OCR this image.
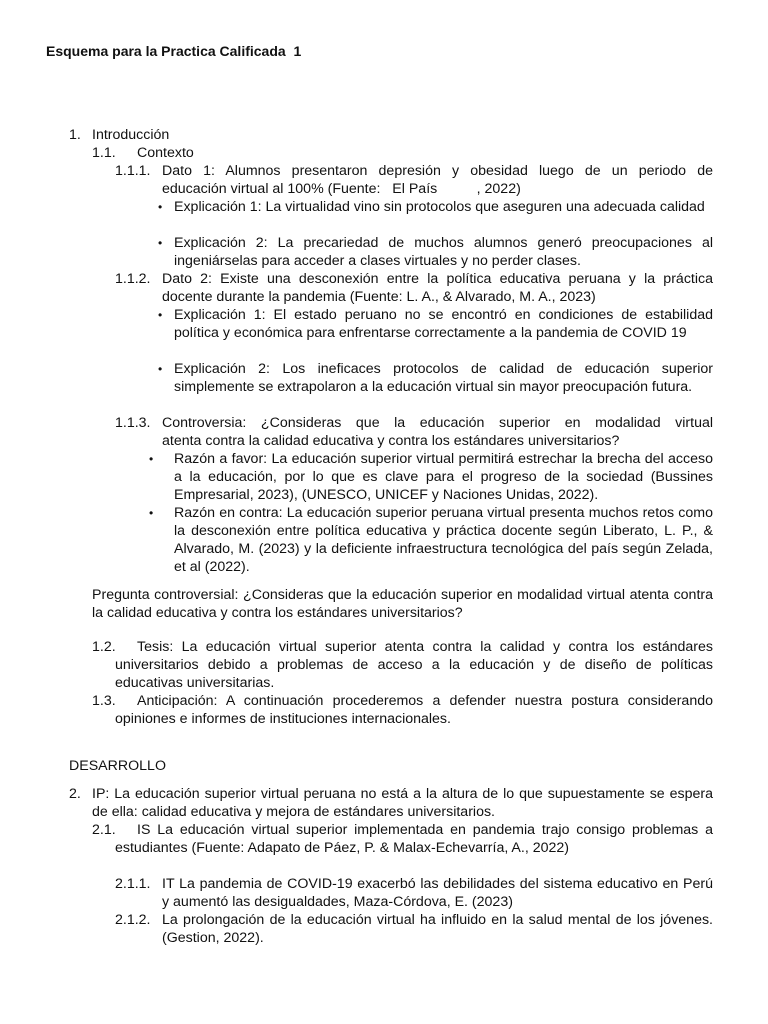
Esquema para la Practica Calificada  1
1. Introducción
1.1. Contexto
1.1.1. Dato 1: Alumnos presentaron depresión y obesidad luego de un periodo de
educación virtual al 100% (Fuente:   El País          , 2022)
• Explicación 1: La virtualidad vino sin protocolos que aseguren una adecuada calidad
• Explicación 2: La precariedad de muchos alumnos generó preocupaciones al ingeniárselas para acceder a clases virtuales y no perder clases.
1.1.2. Dato 2: Existe una desconexión entre la política educativa peruana y la práctica
docente durante la pandemia (Fuente: L. A., & Alvarado, M. A., 2023)
• Explicación 1: El estado peruano no se encontró en condiciones de estabilidad política y económica para enfrentarse correctamente a la pandemia de COVID 19
• Explicación 2: Los ineficaces protocolos de calidad de educación superior simplemente se extrapolaron a la educación virtual sin mayor preocupación futura.
1.1.3. Controversia: ¿Consideras que la educación superior en modalidad virtual
atenta contra la calidad educativa y contra los estándares universitarios?
• Razón a favor: La educación superior virtual permitirá estrechar la brecha del acceso a la educación, por lo que es clave para el progreso de la sociedad (Bussines Empresarial, 2023), (UNESCO, UNICEF y Naciones Unidas, 2022).
• Razón en contra: La educación superior peruana virtual presenta muchos retos como la desconexión entre política educativa y práctica docente según Liberato, L. P., & Alvarado, M. (2023) y la deficiente infraestructura tecnológica del país según Zelada, et al (2022).
Pregunta controversial: ¿Consideras que la educación superior en modalidad virtual atenta contra la calidad educativa y contra los estándares universitarios?
1.2.	Tesis: La educación virtual superior atenta contra la calidad y contra los estándares universitarios debido a problemas de acceso a la educación y de diseño de políticas educativas universitarias.
1.3.	Anticipación: A continuación procederemos a defender nuestra postura considerando opiniones e informes de instituciones internacionales.
DESARROLLO
2. IP: La educación superior virtual peruana no está a la altura de lo que supuestamente se espera de ella: calidad educativa y mejora de estándares universitarios.
2.1.	IS La educación virtual superior implementada en pandemia trajo consigo problemas a estudiantes (Fuente: Adapato de Páez, P. & Malax-Echevarría, A., 2022)
2.1.1. IT La pandemia de COVID-19 exacerbó las debilidades del sistema educativo en Perú y aumentó las desigualdades, Maza-Córdova, E. (2023)
2.1.2. La prolongación de la educación virtual ha influido en la salud mental de los jóvenes. (Gestion, 2022).
